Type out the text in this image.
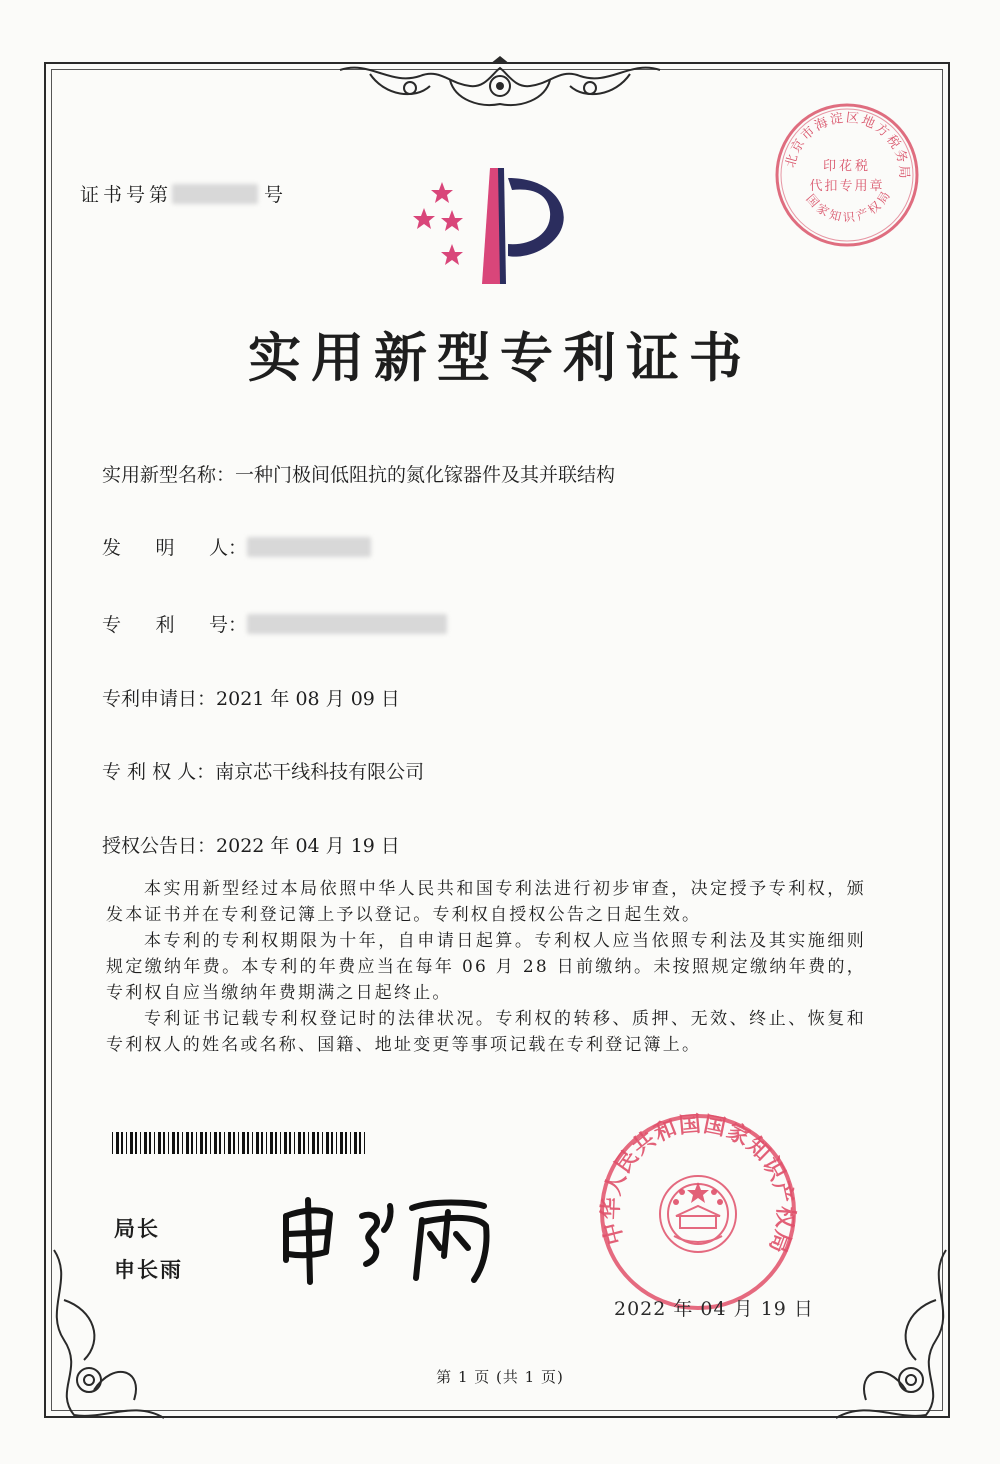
证书号第	号
北京市海淀区地方税务局
印花税
代扣专用章
国家知识产权局
实用新型专利证书
实用新型名称： 一种门极间低阻抗的氮化镓器件及其并联结构
发 明 人 ：
专 利 号 ：
专利申请日： 2021 年 08 月 09 日
专 利 权 人： 南京芯干线科技有限公司
授权公告日： 2022 年 04 月 19 日

本实用新型经过本局依照中华人民共和国专利法进行初步审查，决定授予专利权，颁发本证书并在专利登记簿上予以登记。专利权自授权公告之日起生效。

本专利的专利权期限为十年，自申请日起算。专利权人应当依照专利法及其实施细则规定缴纳年费。本专利的年费应当在每年 06 月 28 日前缴纳。未按照规定缴纳年费的，专利权自应当缴纳年费期满之日起终止。

专利证书记载专利权登记时的法律状况。专利权的转移、质押、无效、终止、恢复和专利权人的姓名或名称、国籍、地址变更等事项记载在专利登记簿上。

局长
申长雨
中华人民共和国国家知识产权局
2022 年 04 月 19 日
第 1 页 (共 1 页)
